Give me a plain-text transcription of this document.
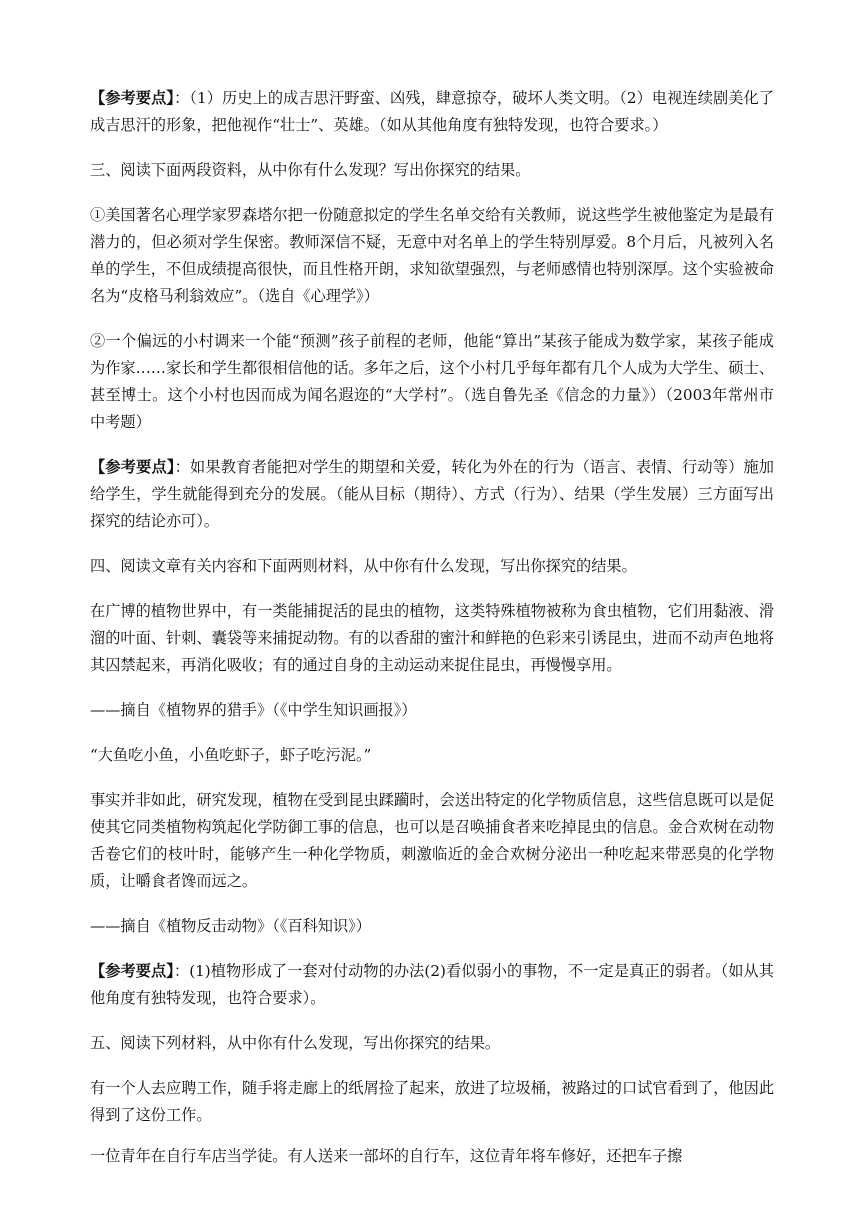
【参考要点】：（1）历史上的成吉思汗野蛮、凶残，肆意掠夺，破坏人类文明。（2）电视连续剧美化了成吉思汗的形象，把他视作“壮士”、英雄。（如从其他角度有独特发现，也符合要求。）

三、阅读下面两段资料，从中你有什么发现？写出你探究的结果。

①美国著名心理学家罗森塔尔把一份随意拟定的学生名单交给有关教师，说这些学生被他鉴定为是最有潜力的，但必须对学生保密。教师深信不疑，无意中对名单上的学生特别厚爱。8个月后，凡被列入名单的学生，不但成绩提高很快，而且性格开朗，求知欲望强烈，与老师感情也特别深厚。这个实验被命名为“皮格马利翁效应”。（选自《心理学》）

②一个偏远的小村调来一个能“预测”孩子前程的老师，他能“算出”某孩子能成为数学家，某孩子能成为作家……家长和学生都很相信他的话。多年之后，这个小村几乎每年都有几个人成为大学生、硕士、甚至博士。这个小村也因而成为闻名遐迩的“大学村”。（选自鲁先圣《信念的力量》）（2003年常州市中考题）

【参考要点】：如果教育者能把对学生的期望和关爱，转化为外在的行为（语言、表情、行动等）施加给学生，学生就能得到充分的发展。（能从目标（期待）、方式（行为）、结果（学生发展）三方面写出探究的结论亦可）。

四、阅读文章有关内容和下面两则材料，从中你有什么发现，写出你探究的结果。

在广博的植物世界中，有一类能捕捉活的昆虫的植物，这类特殊植物被称为食虫植物，它们用黏液、滑溜的叶面、针刺、囊袋等来捕捉动物。有的以香甜的蜜汁和鲜艳的色彩来引诱昆虫，进而不动声色地将其囚禁起来，再消化吸收；有的通过自身的主动运动来捉住昆虫，再慢慢享用。

——摘自《植物界的猎手》（《中学生知识画报》）

“大鱼吃小鱼，小鱼吃虾子，虾子吃污泥。”

事实并非如此，研究发现，植物在受到昆虫蹂躏时，会送出特定的化学物质信息，这些信息既可以是促使其它同类植物构筑起化学防御工事的信息，也可以是召唤捕食者来吃掉昆虫的信息。金合欢树在动物舌卷它们的枝叶时，能够产生一种化学物质，刺激临近的金合欢树分泌出一种吃起来带恶臭的化学物质，让嚼食者馋而远之。

——摘自《植物反击动物》（《百科知识》）

【参考要点】：(1)植物形成了一套对付动物的办法(2)看似弱小的事物，不一定是真正的弱者。（如从其他角度有独特发现，也符合要求）。

五、阅读下列材料，从中你有什么发现，写出你探究的结果。

有一个人去应聘工作，随手将走廊上的纸屑捡了起来，放进了垃圾桶，被路过的口试官看到了，他因此得到了这份工作。

一位青年在自行车店当学徒。有人送来一部坏的自行车，这位青年将车修好，还把车子擦
